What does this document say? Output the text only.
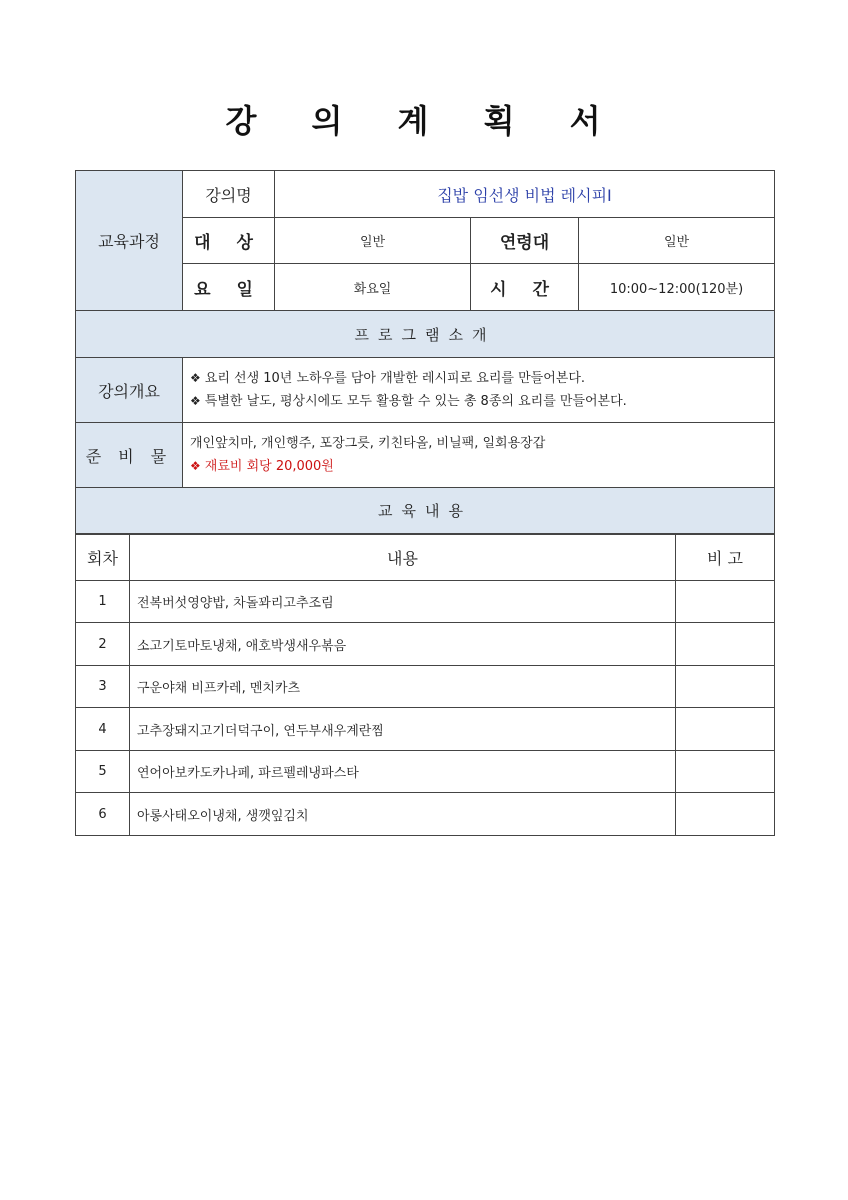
강 의 계 획 서
교육과정	강의명	집밥 임선생 비법 레시피Ⅰ		
	대 상	일반	연령대	일반
	요 일	화요일	시 간	10:00~12:00(120분)
프로그램소개				
강의개요	❖ 요리 선생 10년 노하우를 담아 개발한 레시피로 요리를 만들어본다.
❖ 특별한 날도, 평상시에도 모두 활용할 수 있는 총 8종의 요리를 만들어본다.			

준 비 물	개인앞치마, 개인행주, 포장그릇, 키친타올, 비닐팩, 일회용장갑
❖ 재료비 회당 20,000원			

교육내용				
회차	내용	비 고
1	전복버섯영양밥, 차돌꽈리고추조림	
2	소고기토마토냉채, 애호박생새우볶음	
3	구운야채 비프카레, 멘치카츠	
4	고추장돼지고기더덕구이, 연두부새우계란찜	
5	연어아보카도카나페, 파르펠레냉파스타	
6	아롱사태오이냉채, 생깻잎김치	
